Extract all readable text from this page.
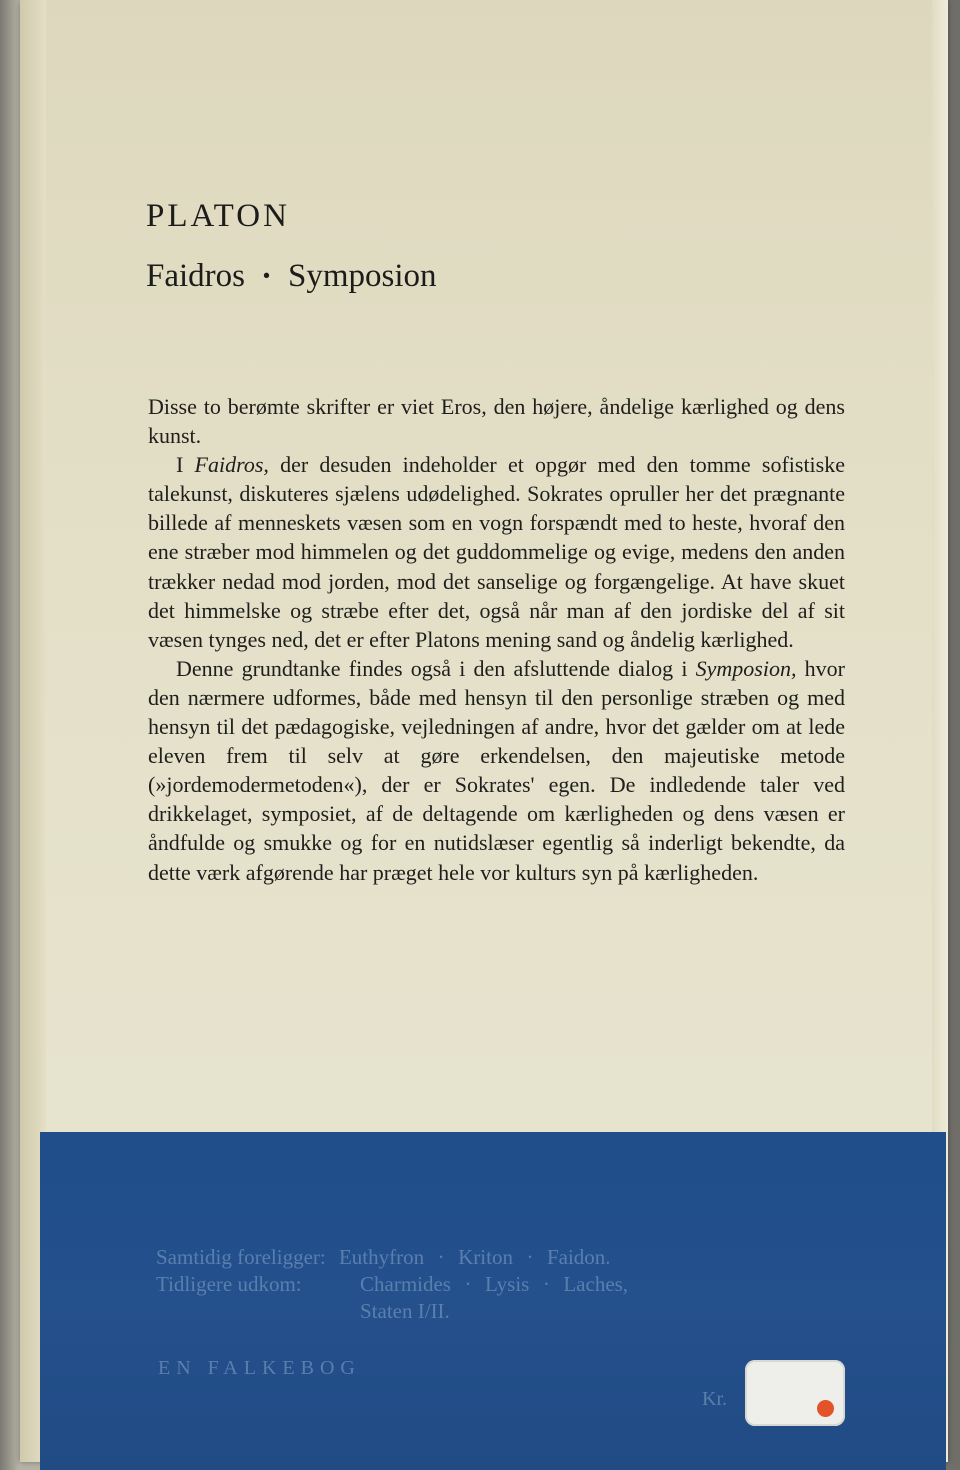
PLATON
Faidros · Symposion

Disse to berømte skrifter er viet Eros, den højere, åndelige kærlighed og dens kunst.

I Faidros, der desuden indeholder et opgør med den tomme sofistiske talekunst, diskuteres sjælens udødelighed. Sokrates opruller her det prægnante billede af menneskets væsen som en vogn forspændt med to heste, hvoraf den ene stræber mod himmelen og det guddommelige og evige, medens den anden trækker nedad mod jorden, mod det sanselige og forgængelige. At have skuet det himmelske og stræbe efter det, også når man af den jordiske del af sit væsen tynges ned, det er efter Platons mening sand og åndelig kærlighed.

Denne grundtanke findes også i den afsluttende dialog i Symposion, hvor den nærmere udformes, både med hensyn til den personlige stræben og med hensyn til det pædagogiske, vejledningen af andre, hvor det gælder om at lede eleven frem til selv at gøre erkendelsen, den majeutiske metode (»jordemodermetoden«), der er Sokrates' egen. De indledende taler ved drikkelaget, symposiet, af de deltagende om kærligheden og dens væsen er åndfulde og smukke og for en nutidslæser egentlig så inderligt bekendte, da dette værk afgørende har præget hele vor kulturs syn på kærligheden.

Samtidig foreligger: Euthyfron · Kriton · Faidon.
Tidligere udkom:	Charmides · Lysis · Laches,
Staten I/II.
EN FALKEBOG
Kr.
